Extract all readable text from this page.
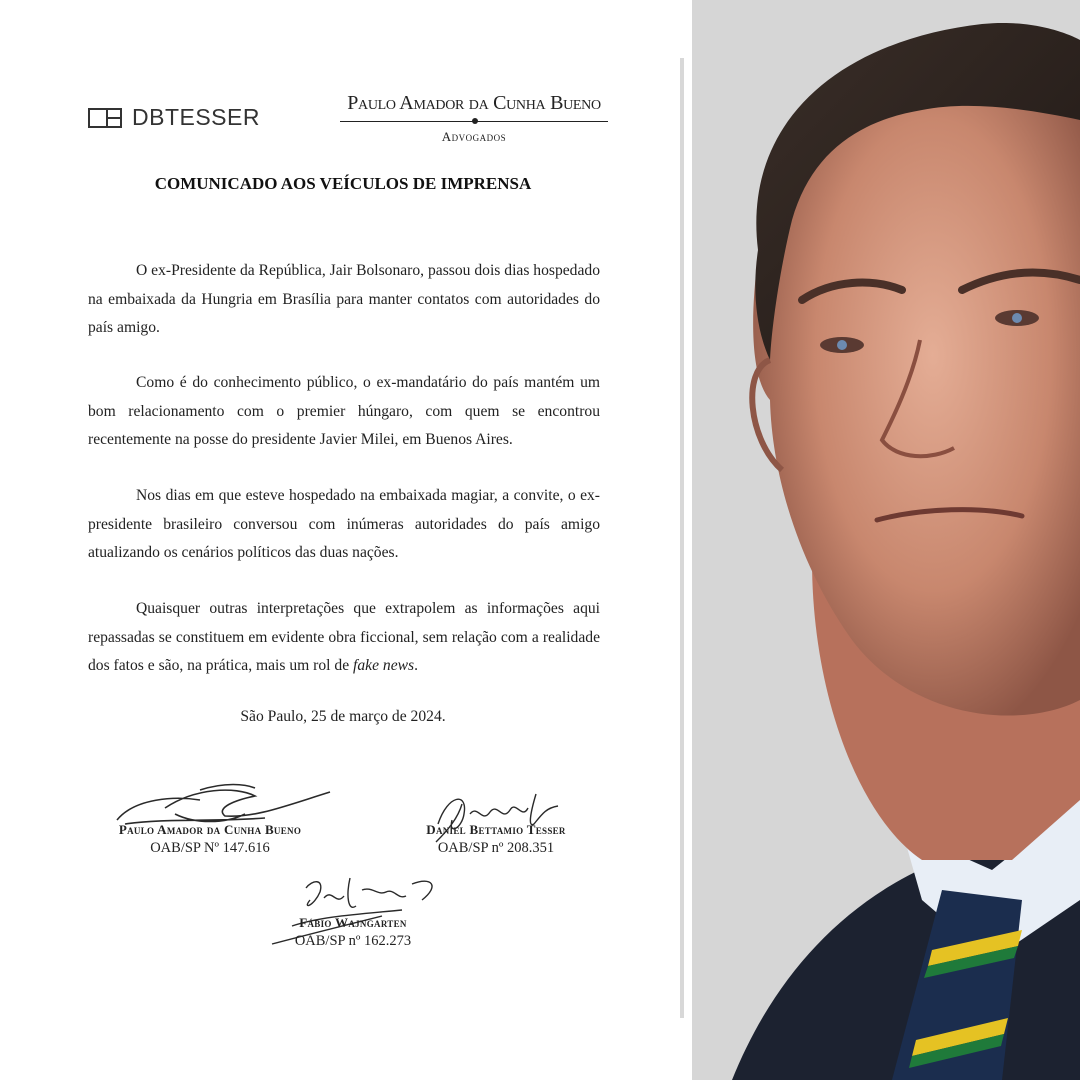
DBTESSER
Paulo Amador da Cunha Bueno
Advogados
COMUNICADO AOS VEÍCULOS DE IMPRENSA

O ex-Presidente da República, Jair Bolsonaro, passou dois dias hospedado na embaixada da Hungria em Brasília para manter contatos com autoridades do país amigo.

Como é do conhecimento público, o ex-mandatário do país mantém um bom relacionamento com o premier húngaro, com quem se encontrou recentemente na posse do presidente Javier Milei, em Buenos Aires.

Nos dias em que esteve hospedado na embaixada magiar, a convite, o ex-presidente brasileiro conversou com inúmeras autoridades do país amigo atualizando os cenários políticos das duas nações.

Quaisquer outras interpretações que extrapolem as informações aqui repassadas se constituem em evidente obra ficcional, sem relação com a realidade dos fatos e são, na prática, mais um rol de fake news.

São Paulo, 25 de março de 2024.
Paulo Amador da Cunha Bueno
OAB/SP Nº 147.616
Daniel Bettamio Tesser
OAB/SP nº 208.351
Fábio Wajngarten
OAB/SP nº 162.273
